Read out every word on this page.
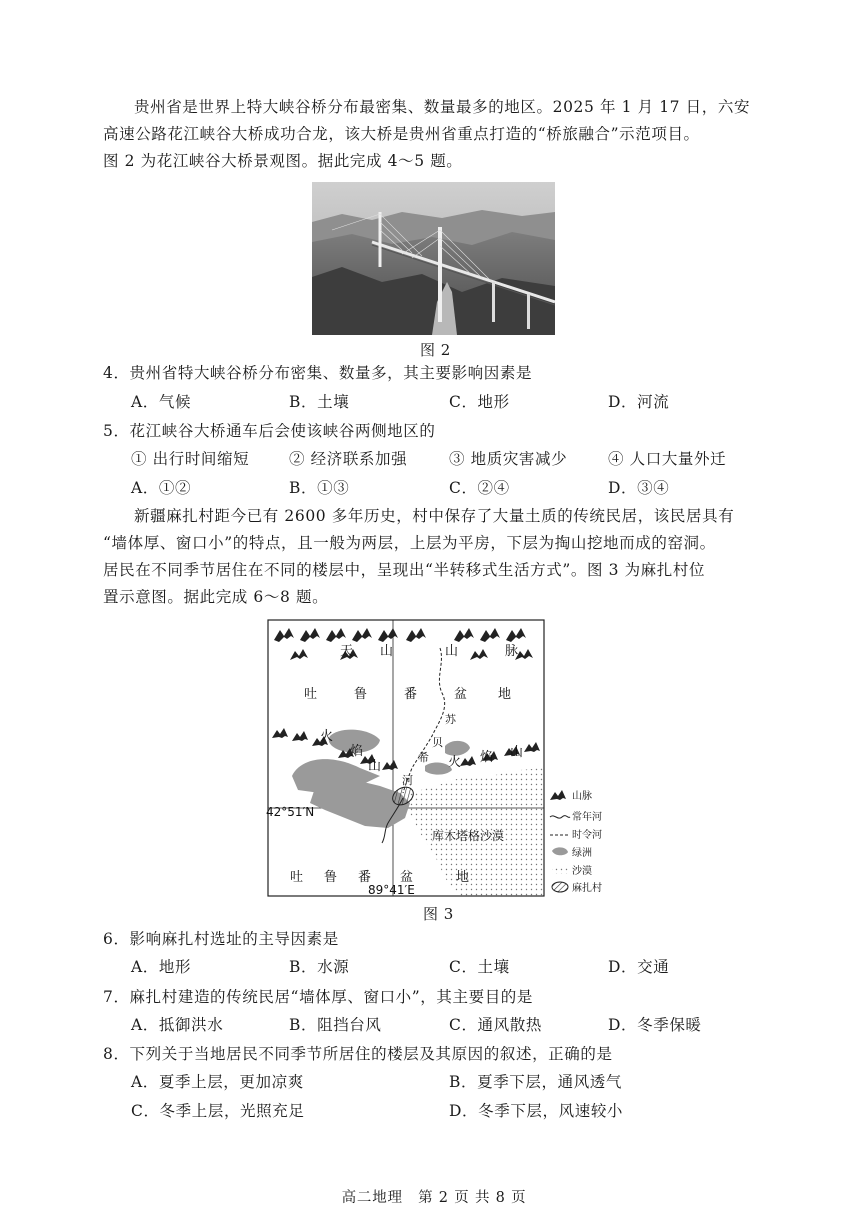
贵州省是世界上特大峡谷桥分布最密集、数量最多的地区。2025 年 1 月 17 日，六安
高速公路花江峡谷大桥成功合龙，该大桥是贵州省重点打造的“桥旅融合”示范项目。
图 2 为花江峡谷大桥景观图。据此完成 4～5 题。
图 2
4．贵州省特大峡谷桥分布密集、数量多，其主要影响因素是
A．气候	B．土壤	C．地形	D．河流
5．花江峡谷大桥通车后会使该峡谷两侧地区的
① 出行时间缩短	② 经济联系加强	③ 地质灾害减少	④ 人口大量外迁
A．①②	B．①③	C．②④	D．③④
新疆麻扎村距今已有 2600 多年历史，村中保存了大量土质的传统民居，该民居具有
“墙体厚、窗口小”的特点，且一般为两层，上层为平房，下层为掏山挖地而成的窑洞。
居民在不同季节居住在不同的楼层中，呈现出“半转移式生活方式”。图 3 为麻扎村位
置示意图。据此完成 6～8 题。
天 山	山	脉
吐	鲁	番	盆 地
火
焰
山	火 焰 山
苏
贝
希
河
库木塔格沙漠
吐 鲁 番 盆	地
42°51′N
89°41′E
山脉
常年河
时令河
绿洲
沙漠
麻扎村
图 3
6．影响麻扎村选址的主导因素是
A．地形	B．水源	C．土壤	D．交通
7．麻扎村建造的传统民居“墙体厚、窗口小”，其主要目的是
A．抵御洪水	B．阻挡台风	C．通风散热	D．冬季保暖
8．下列关于当地居民不同季节所居住的楼层及其原因的叙述，正确的是
A．夏季上层，更加凉爽	B．夏季下层，通风透气
C．冬季上层，光照充足	D．冬季下层，风速较小
高二地理　第 2 页 共 8 页
